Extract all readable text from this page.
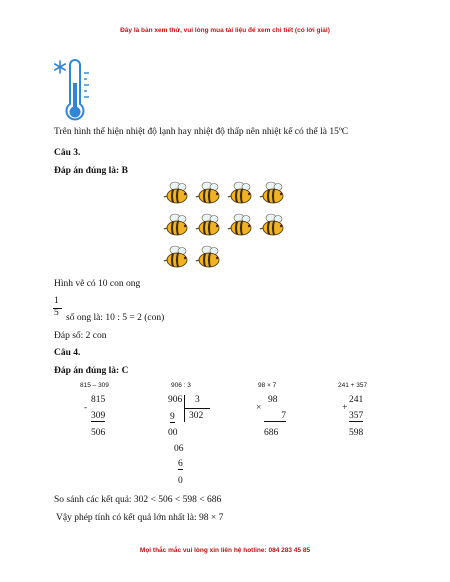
Đây là bản xem thử, vui lòng mua tài liệu để xem chi tiết (có lời giải)
Trên hình thể hiện nhiệt độ lạnh hay nhiệt độ thấp nên nhiệt kế có thể là 15ºC
Câu 3.
Đáp án đúng là: B
Hình vẽ có 10 con ong
1
5 số ong là: 10 : 5 = 2 (con)
Đáp số: 2 con
Câu 4.
Đáp án đúng là: C
815 – 309	906 : 3	98 × 7	241 + 357
815
-
309
506
906 3
302
9
00
06
6
0
98
×
7
686
241
+
357
598
So sánh các kết quả: 302 < 506 < 598 < 686
Vậy phép tính có kết quả lớn nhất là: 98 × 7
Mọi thắc mắc vui lòng xin liên hệ hotline: 084 283 45 85
